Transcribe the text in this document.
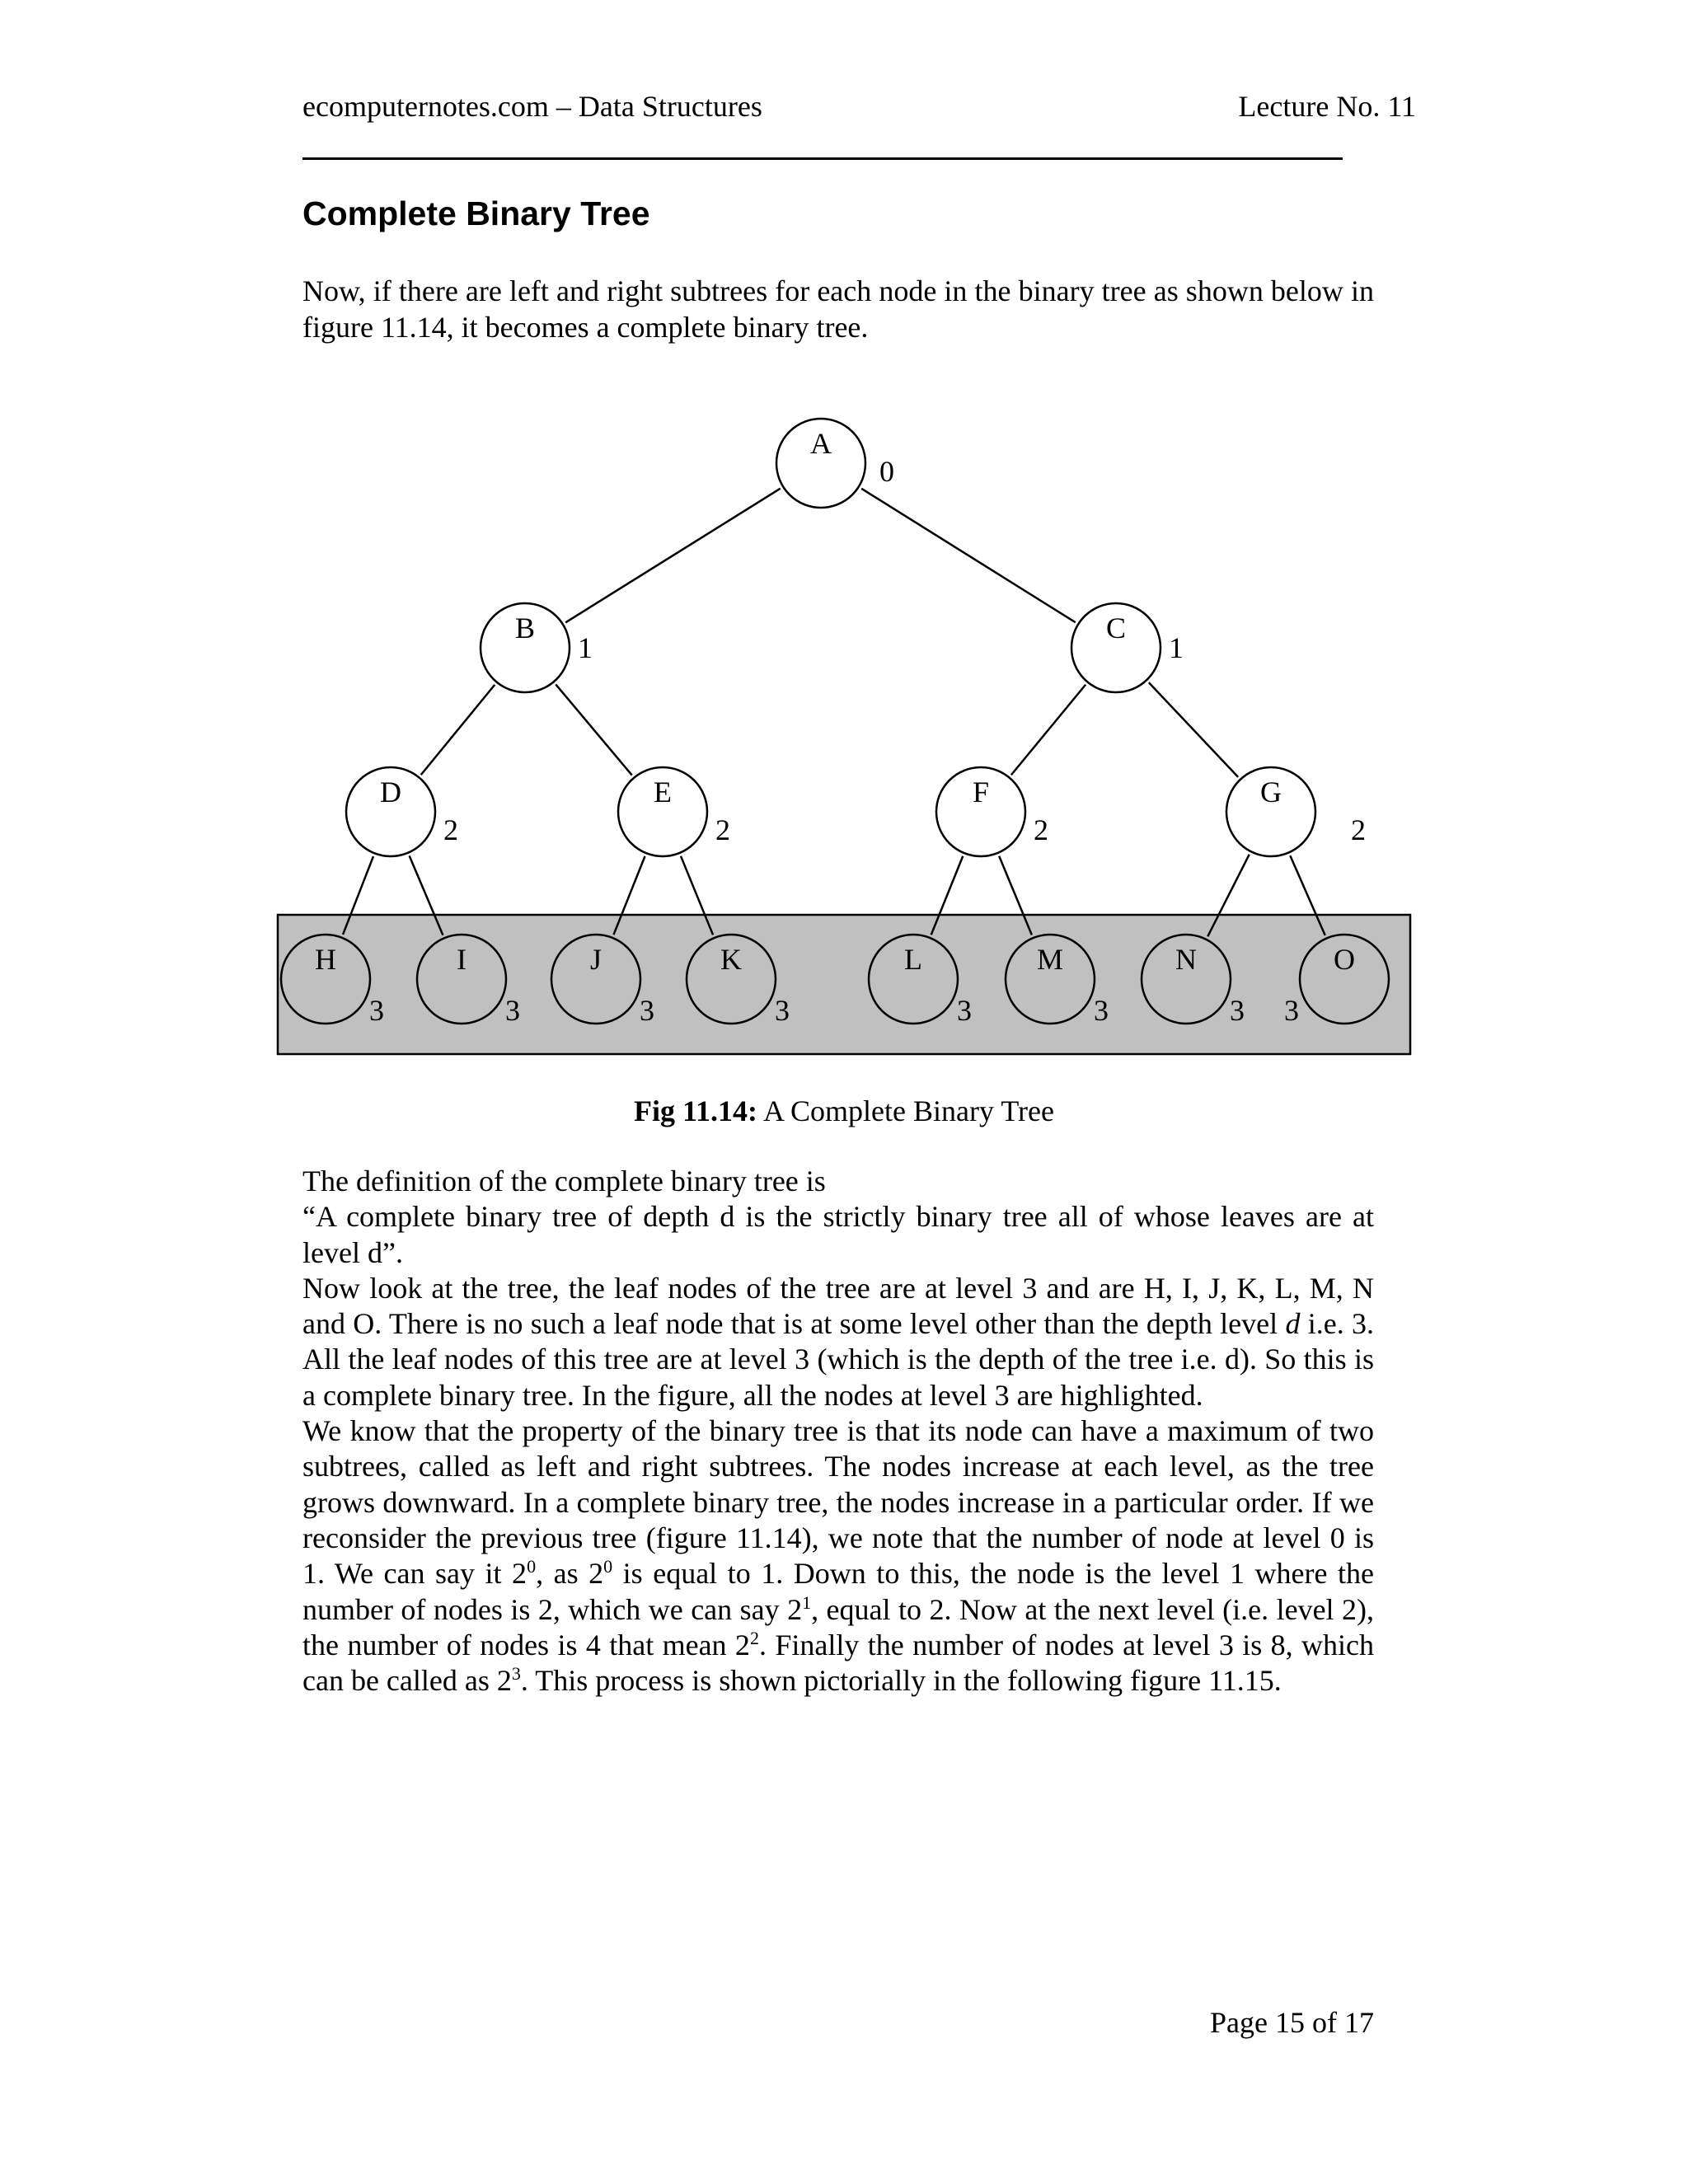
ecomputernotes.com – Data Structures	Lecture No. 11
Complete Binary Tree
Now, if there are left and right subtrees for each node in the binary tree as shown below in figure 11.14, it becomes a complete binary tree.
A
0
B
1
C
1
D
2
E
2
F
2
G
2
H
3
I
3
J
3
K
3
L
3
M
3
N
3
O
3
Fig 11.14: A Complete Binary Tree

The definition of the complete binary tree is

“A complete binary tree of depth d is the strictly binary tree all of whose leaves are at level d”.

Now look at the tree, the leaf nodes of the tree are at level 3 and are H, I, J, K, L, M, N and O. There is no such a leaf node that is at some level other than the depth level d i.e. 3. All the leaf nodes of this tree are at level 3 (which is the depth of the tree i.e. d). So this is a complete binary tree. In the figure, all the nodes at level 3 are highlighted.

We know that the property of the binary tree is that its node can have a maximum of two subtrees, called as left and right subtrees. The nodes increase at each level, as the tree grows downward. In a complete binary tree, the nodes increase in a particular order. If we reconsider the previous tree (figure 11.14), we note that the number of node at level 0 is 1. We can say it $2^0$, as $2^0$ is equal to 1. Down to this, the node is the level 1 where the number of nodes is 2, which we can say $2^1$, equal to 2. Now at the next level (i.e. level 2), the number of nodes is 4 that mean $2^2$. Finally the number of nodes at level 3 is 8, which can be called as $2^3$. This process is shown pictorially in the following figure 11.15.

Page 15 of 17
